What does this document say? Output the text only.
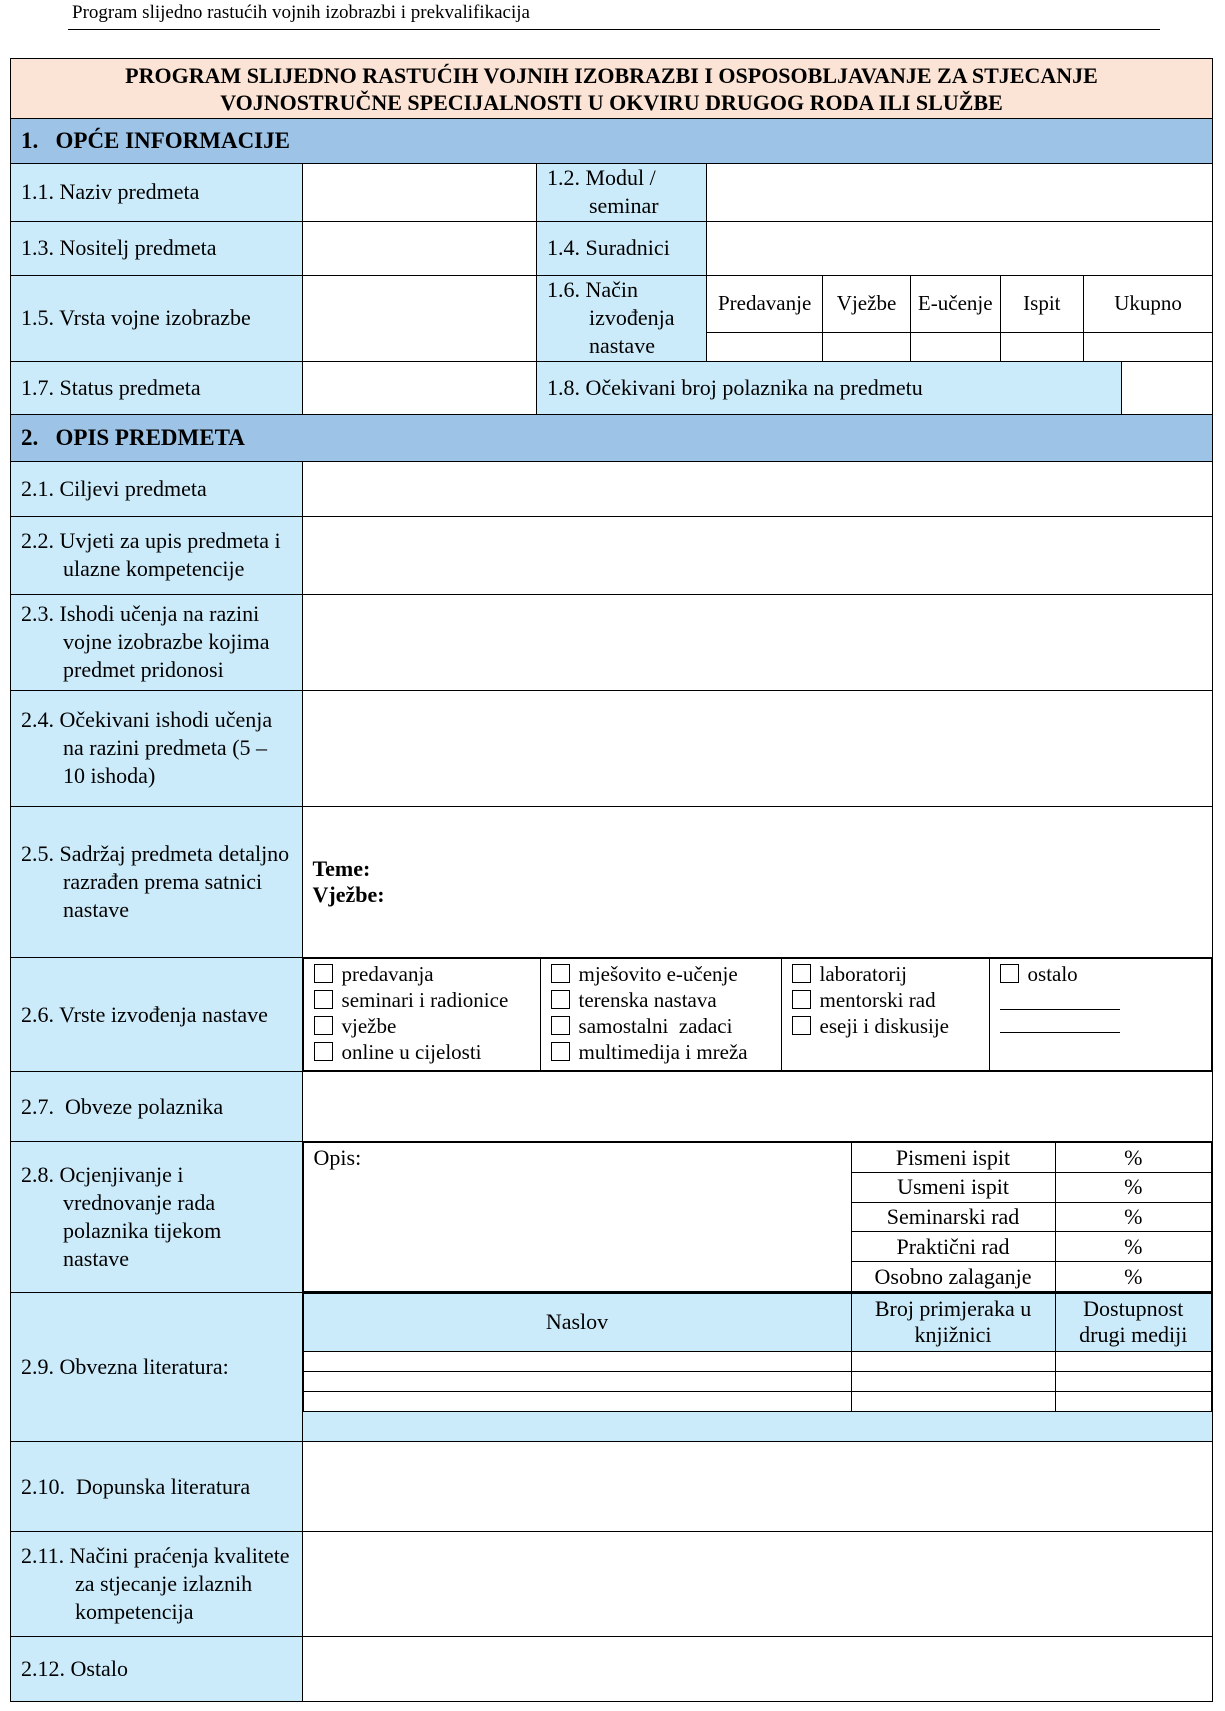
Program slijedno rastućih vojnih izobrazbi i prekvalifikacija
PROGRAM SLIJEDNO RASTUĆIH VOJNIH IZOBRAZBI I OSPOSOBLJAVANJE ZA STJECANJE
VOJNOSTRUČNE SPECIJALNOSTI U OKVIRU DRUGOG RODA ILI SLUŽBE

1.   OPĆE INFORMACIJE
1.1. Naziv predmeta		1.2. Modul / seminar	
1.3. Nositelj predmeta		1.4. Suradnici	
1.5. Vrsta vojne izobrazbe		1.6. Način izvođenja nastave	Predavanje	Vježbe	E-učenje	Ispit	Ukupno

1.7. Status predmeta		1.8. Očekivani broj polaznika na predmetu	
2.   OPIS PREDMETA
2.1. Ciljevi predmeta	
2.2. Uvjeti za upis predmeta i ulazne kompetencije	
2.3. Ishodi učenja na razini vojne izobrazbe kojima predmet pridonosi	
2.4. Očekivani ishodi učenja na razini predmeta (5 – 10 ishoda)	
2.5. Sadržaj predmeta detaljno razrađen prema satnici nastave	
Teme:
Vježbe:

2.6. Vrste izvođenja nastave	
predavanja
seminari i radionice
vježbe
online u cijelosti

mješovito e-učenje
terenska nastava
samostalni  zadaci
multimedija i mreža

laboratorij
mentorski rad
eseji i diskusije

ostalo

2.7.  Obveze polaznika	
2.8. Ocjenjivanje i vrednovanje rada polaznika tijekom nastave	
Opis:	Pismeni ispit	%
Usmeni ispit	%
Seminarski rad	%
Praktični rad	%
Osobno zalaganje	%

2.9. Obvezna literatura:	
Naslov	Broj primjeraka u knjižnici	Dostupnost drugi mediji

2.10.  Dopunska literatura	
2.11. Načini praćenja kvalitete za stjecanje izlaznih kompetencija	
2.12. Ostalo	
